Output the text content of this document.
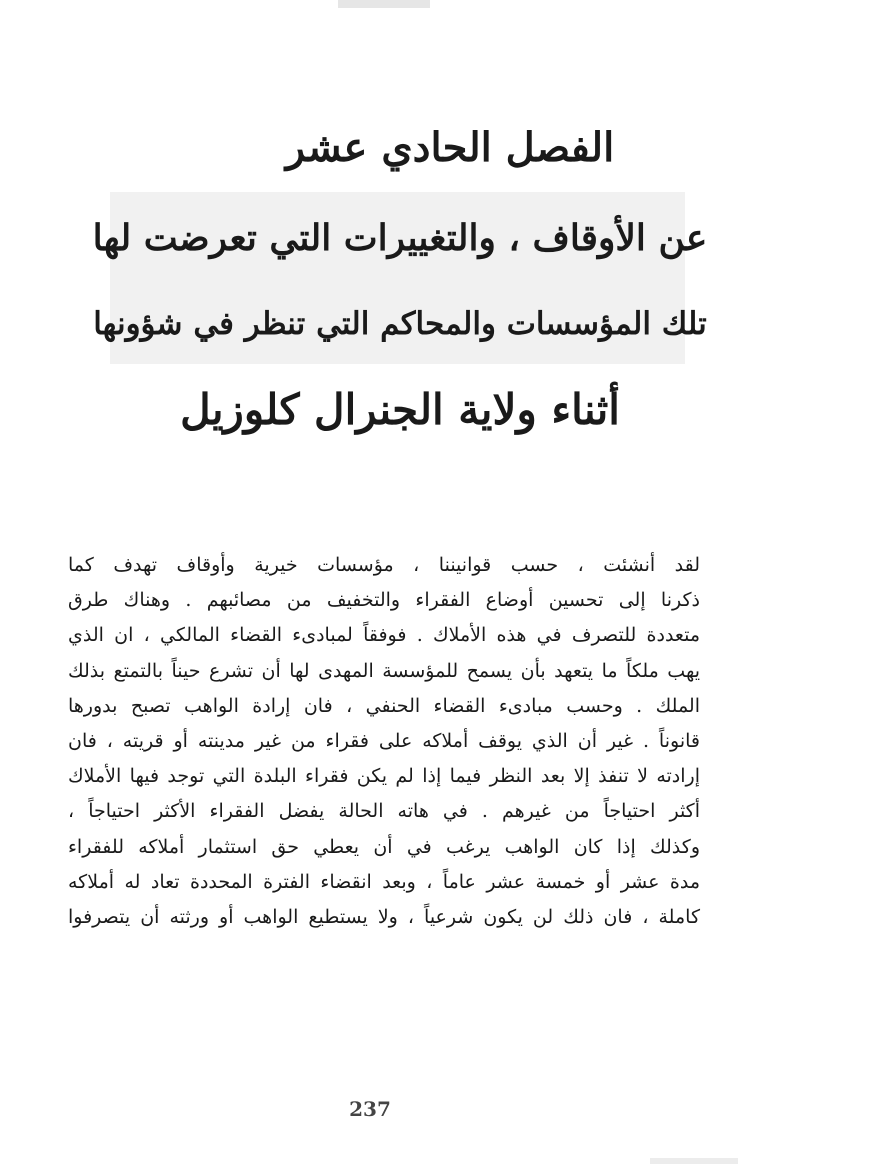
الفصل الحادي عشر
عن الأوقاف ، والتغييرات التي تعرضت لها
تلك المؤسسات والمحاكم التي تنظر في شؤونها
أثناء ولاية الجنرال كلوزيل
لقد أنشئت ، حسب قوانيننا ، مؤسسات خيرية وأوقاف تهدف كما
ذكرنا إلى تحسين أوضاع الفقراء والتخفيف من مصائبهم . وهناك طرق
متعددة للتصرف في هذه الأملاك . فوفقاً لمبادىء القضاء المالكي ، ان الذي
يهب ملكاً ما يتعهد بأن يسمح للمؤسسة المهدى لها أن تشرع حيناً بالتمتع بذلك
الملك . وحسب مبادىء القضاء الحنفي ، فان إرادة الواهب تصبح بدورها
قانوناً . غير أن الذي يوقف أملاكه على فقراء من غير مدينته أو قريته ، فان
إرادته لا تنفذ إلا بعد النظر فيما إذا لم يكن فقراء البلدة التي توجد فيها الأملاك
أكثر احتياجاً من غيرهم . في هاته الحالة يفضل الفقراء الأكثر احتياجاً ،
وكذلك إذا كان الواهب يرغب في أن يعطي حق استثمار أملاكه للفقراء
مدة عشر أو خمسة عشر عاماً ، وبعد انقضاء الفترة المحددة تعاد له أملاكه
كاملة ، فان ذلك لن يكون شرعياً ، ولا يستطيع الواهب أو ورثته أن يتصرفوا
237
